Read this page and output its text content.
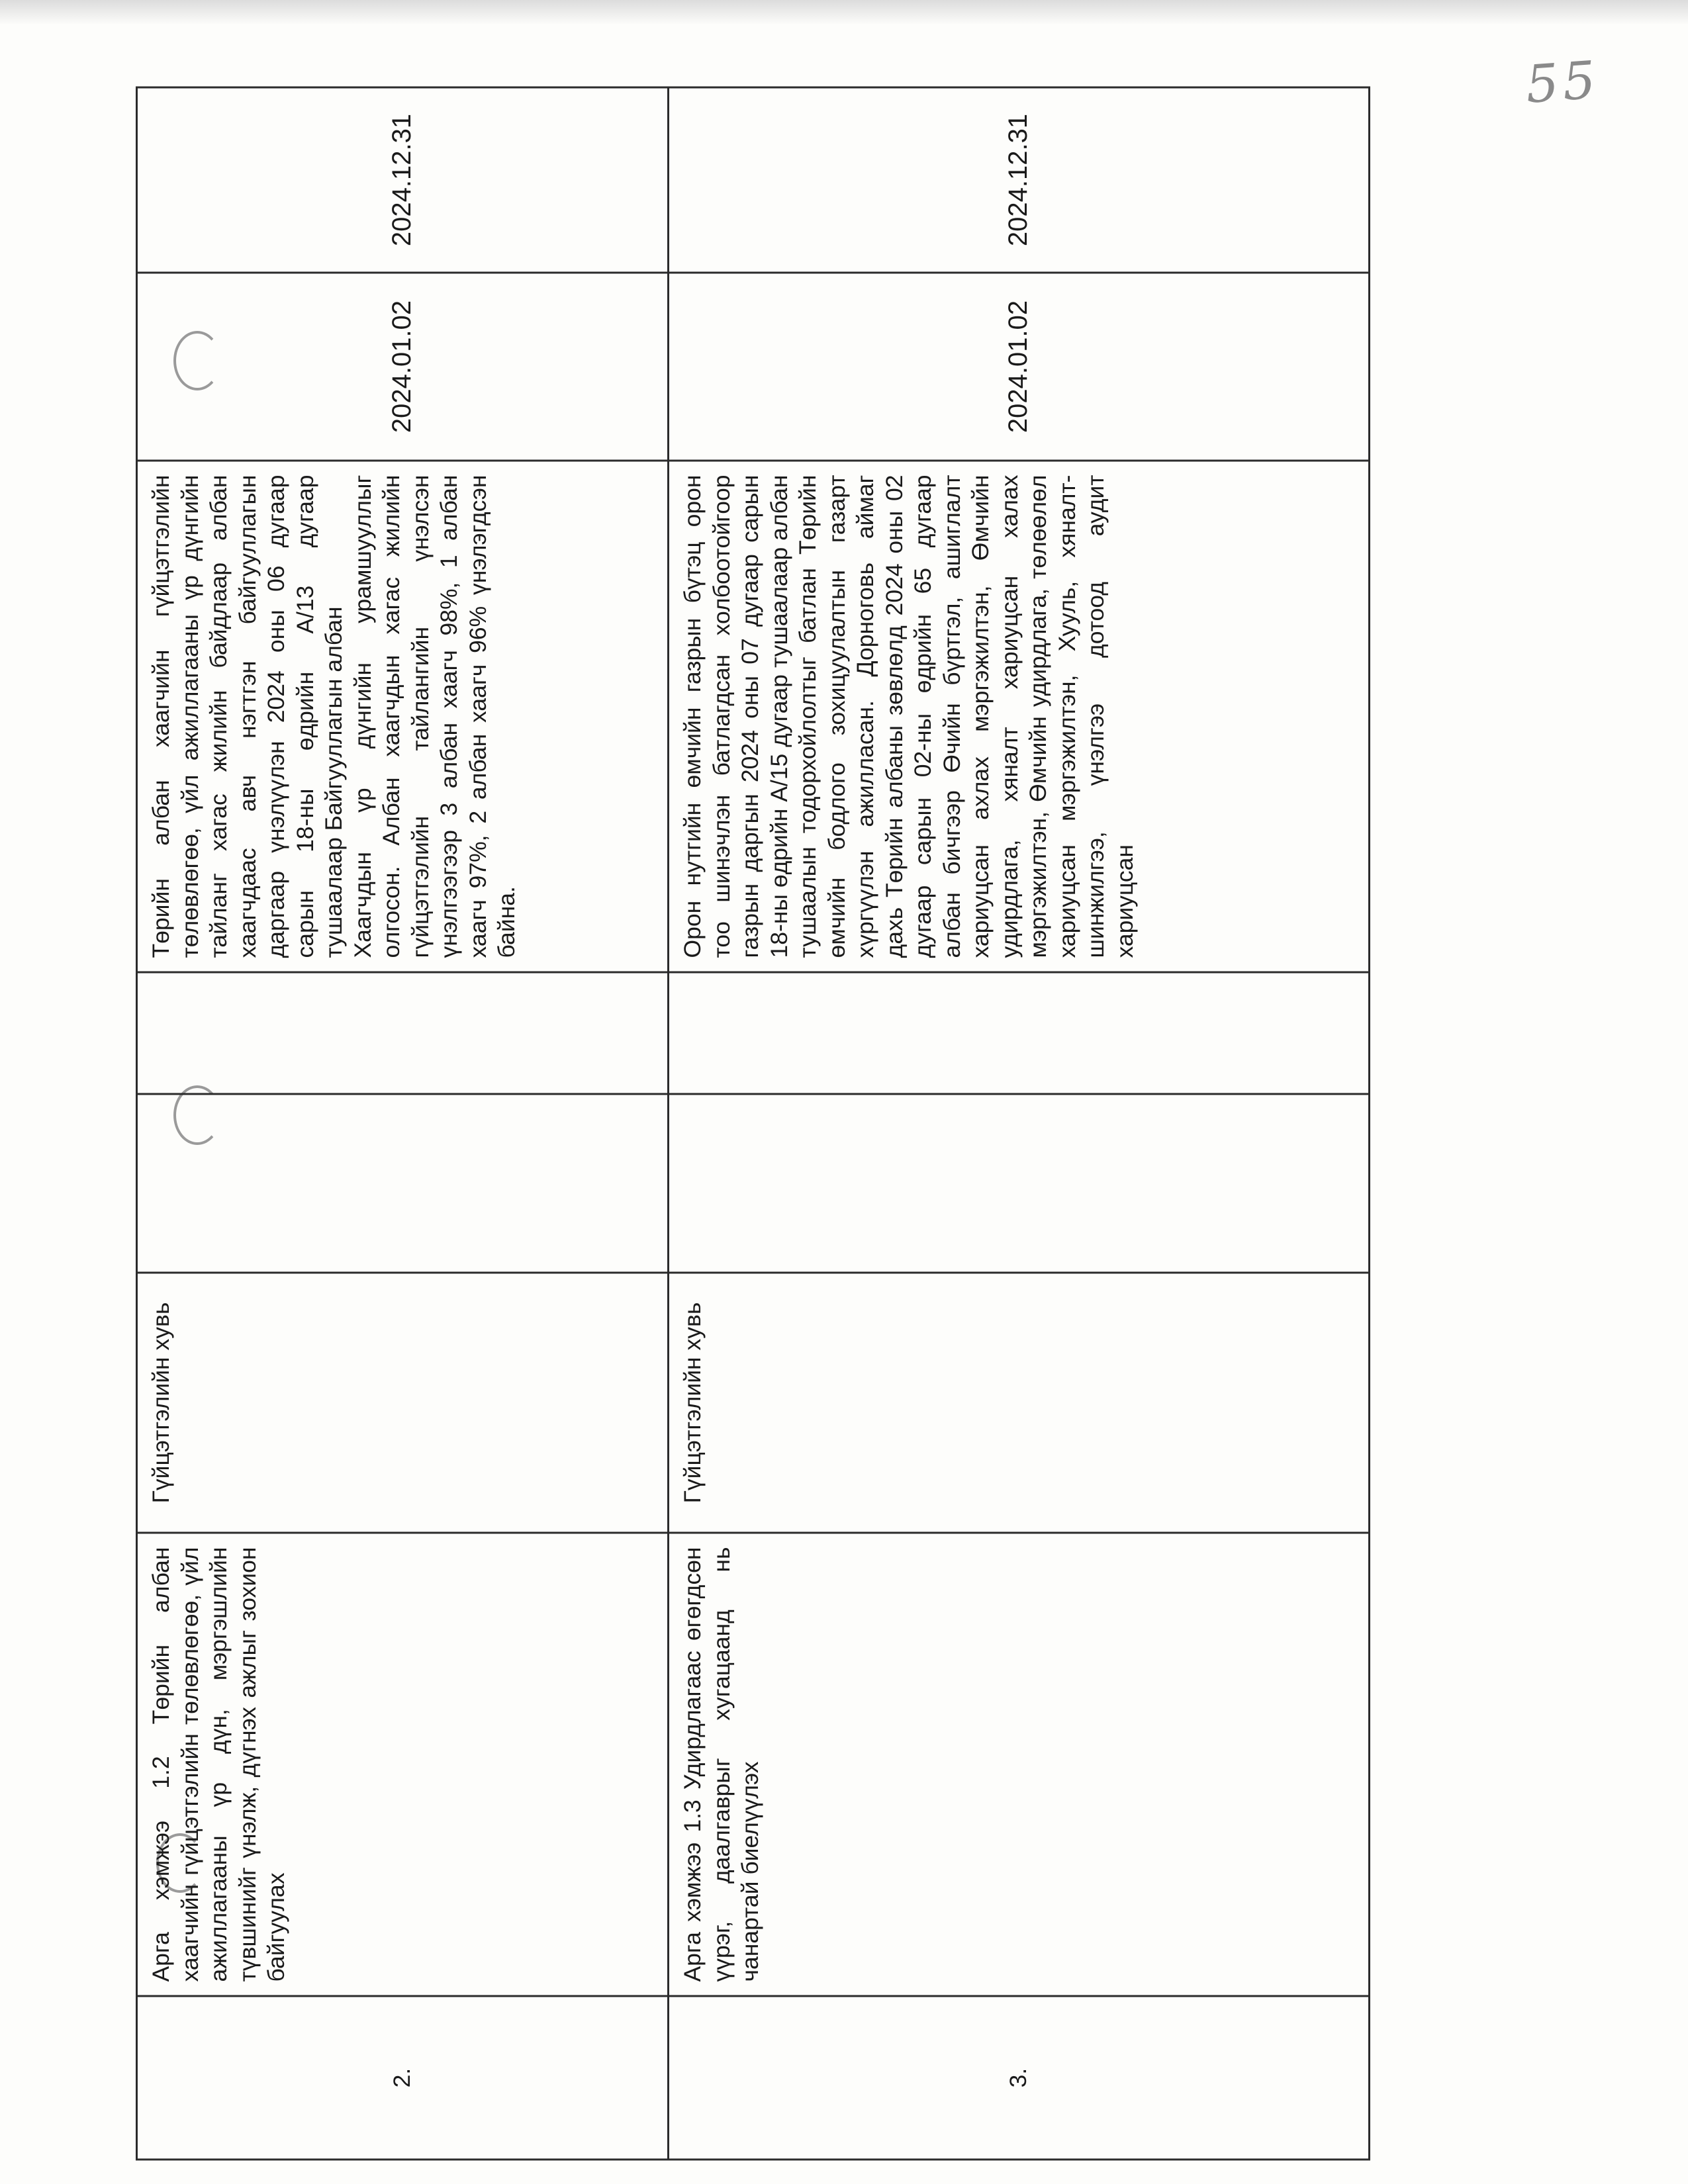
55
2.	Арга хэмжээ 1.2 Төрийн албан хаагчийн гүйцэтгэлийн төлөвлөгөө, үйл ажиллагааны үр дүн, мэргэшлийн түвшинийг үнэлж, дүгнэх ажлыг зохион байгуулах	Гүйцэтгэлийн хувь			Төрийн албан хаагчийн гүйцэтгэлийн төлөвлөгөө, үйл ажиллагааны үр дүнгийн тайланг хагас жилийн байдлаар албан хаагчдаас авч нэгтгэн байгууллагын даргаар үнэлүүлэн 2024 оны 06 дугаар сарын 18-ны өдрийн А/13 дугаар тушаалаар Байгууллагын албан Хаагчдын үр дүнгийн урамшууллыг олгосон. Албан хаагчдын хагас жилийн гүйцэтгэлийн тайлангийн үнэлсэн үнэлгээгээр 3 албан хаагч 98%, 1 албан хаагч 97%, 2 албан хаагч 96% үнэлэгдсэн байна.	2024.01.02	2024.12.31
3.	Арга хэмжээ 1.3 Удирдлагаас өгөгдсөн үүрэг, даалгаврыг хугацаанд нь чанартай биелүүлэх	Гүйцэтгэлийн хувь			Орон нутгийн өмчийн газрын бүтэц орон тоо шинэчлэн батлагдсан холбоотойгоор газрын даргын 2024 оны 07 дугаар сарын 18-ны өдрийн А/15 дугаар тушаалаар албан тушаалын тодорхойлолтыг батлан Төрийн өмчийн бодлого зохицуулалтын газарт хүргүүлэн ажилласан. Дорноговь аймаг дахь Төрийн албаны зөвлөлд 2024 оны 02 дугаар сарын 02-ны өдрийн 65 дугаар албан бичгээр Өчийн бүртгэл, ашиглалт хариуцсан ахлах мэргэжилтэн, Өмчийн удирдлага, хяналт хариуцсан халах мэргэжилтэн, Өмчийн удирдлага, төлөөлөл хариуцсан мэргэжилтэн, Хууль, хяналт-шинжилгээ, үнэлгээ дотоод аудит хариуцсан	2024.01.02	2024.12.31
